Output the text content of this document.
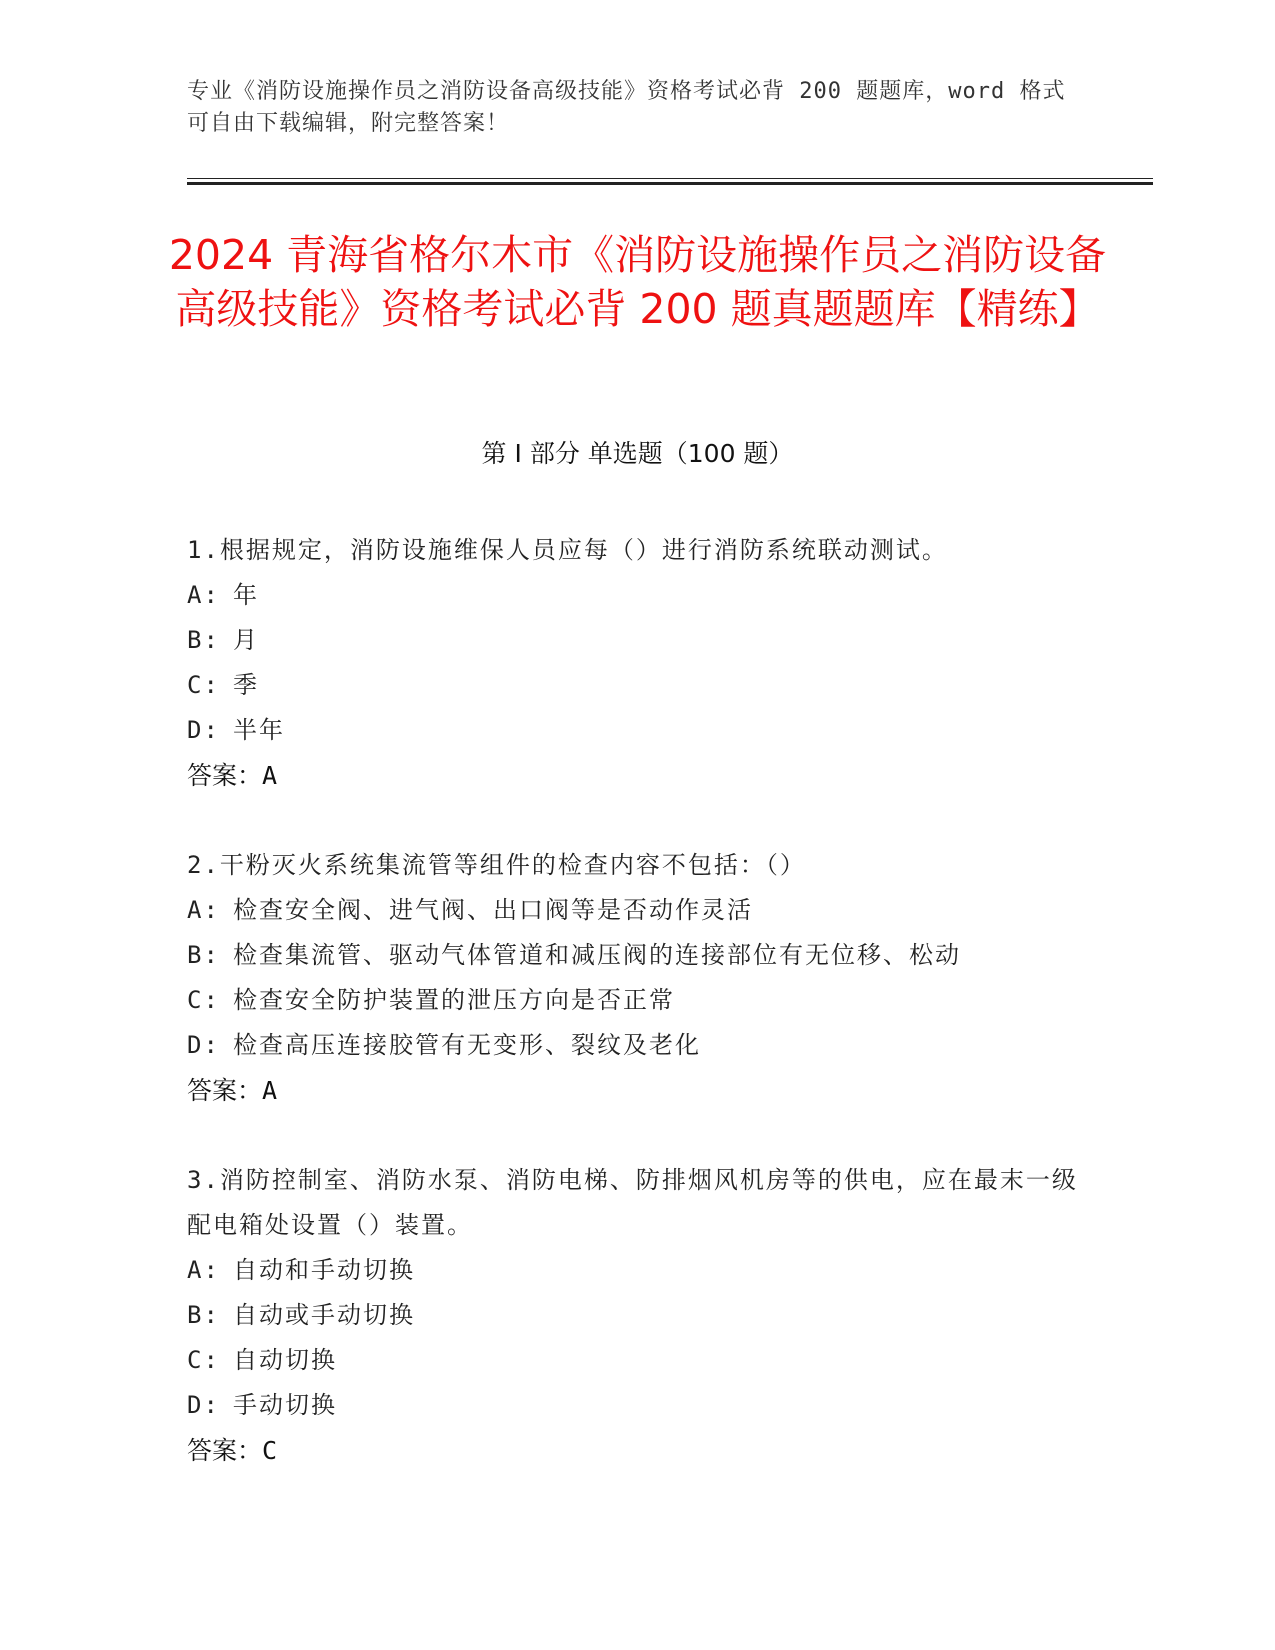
专业《消防设施操作员之消防设备高级技能》资格考试必背 200 题题库，word 格式可自由下载编辑，附完整答案！
2024 青海省格尔木市《消防设施操作员之消防设备高级技能》资格考试必背 200 题真题题库【精练】
第 I 部分 单选题（100 题）

1.根据规定，消防设施维保人员应每（）进行消防系统联动测试。

A: 年

B: 月

C: 季

D: 半年

答案：A

2.干粉灭火系统集流管等组件的检查内容不包括：（）

A: 检查安全阀、进气阀、出口阀等是否动作灵活

B: 检查集流管、驱动气体管道和减压阀的连接部位有无位移、松动

C: 检查安全防护装置的泄压方向是否正常

D: 检查高压连接胶管有无变形、裂纹及老化

答案：A

3.消防控制室、消防水泵、消防电梯、防排烟风机房等的供电，应在最末一级配电箱处设置（）装置。

A: 自动和手动切换

B: 自动或手动切换

C: 自动切换

D: 手动切换

答案：C
